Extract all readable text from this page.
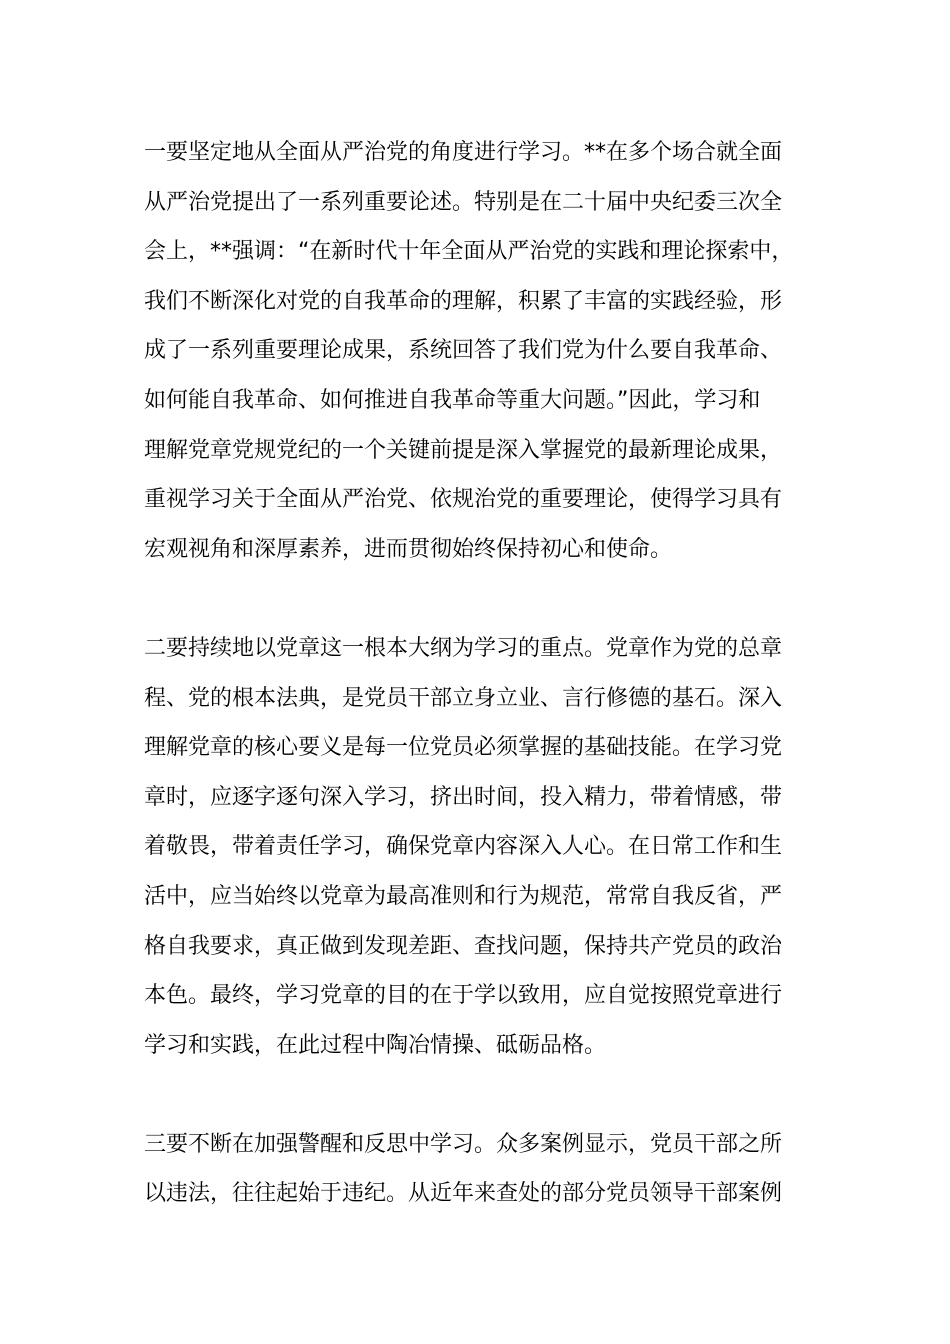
一要坚定地从全面从严治党的角度进行学习。**在多个场合就全面
从严治党提出了一系列重要论述。特别是在二十届中央纪委三次全
会上，**强调：“在新时代十年全面从严治党的实践和理论探索中，
我们不断深化对党的自我革命的理解，积累了丰富的实践经验，形
成了一系列重要理论成果，系统回答了我们党为什么要自我革命、
如何能自我革命、如何推进自我革命等重大问题。”因此，学习和
理解党章党规党纪的一个关键前提是深入掌握党的最新理论成果，
重视学习关于全面从严治党、依规治党的重要理论，使得学习具有
宏观视角和深厚素养，进而贯彻始终保持初心和使命。
二要持续地以党章这一根本大纲为学习的重点。党章作为党的总章
程、党的根本法典，是党员干部立身立业、言行修德的基石。深入
理解党章的核心要义是每一位党员必须掌握的基础技能。在学习党
章时，应逐字逐句深入学习，挤出时间，投入精力，带着情感，带
着敬畏，带着责任学习，确保党章内容深入人心。在日常工作和生
活中，应当始终以党章为最高准则和行为规范，常常自我反省，严
格自我要求，真正做到发现差距、查找问题，保持共产党员的政治
本色。最终，学习党章的目的在于学以致用，应自觉按照党章进行
学习和实践，在此过程中陶冶情操、砥砺品格。
三要不断在加强警醒和反思中学习。众多案例显示，党员干部之所
以违法，往往起始于违纪。从近年来查处的部分党员领导干部案例
